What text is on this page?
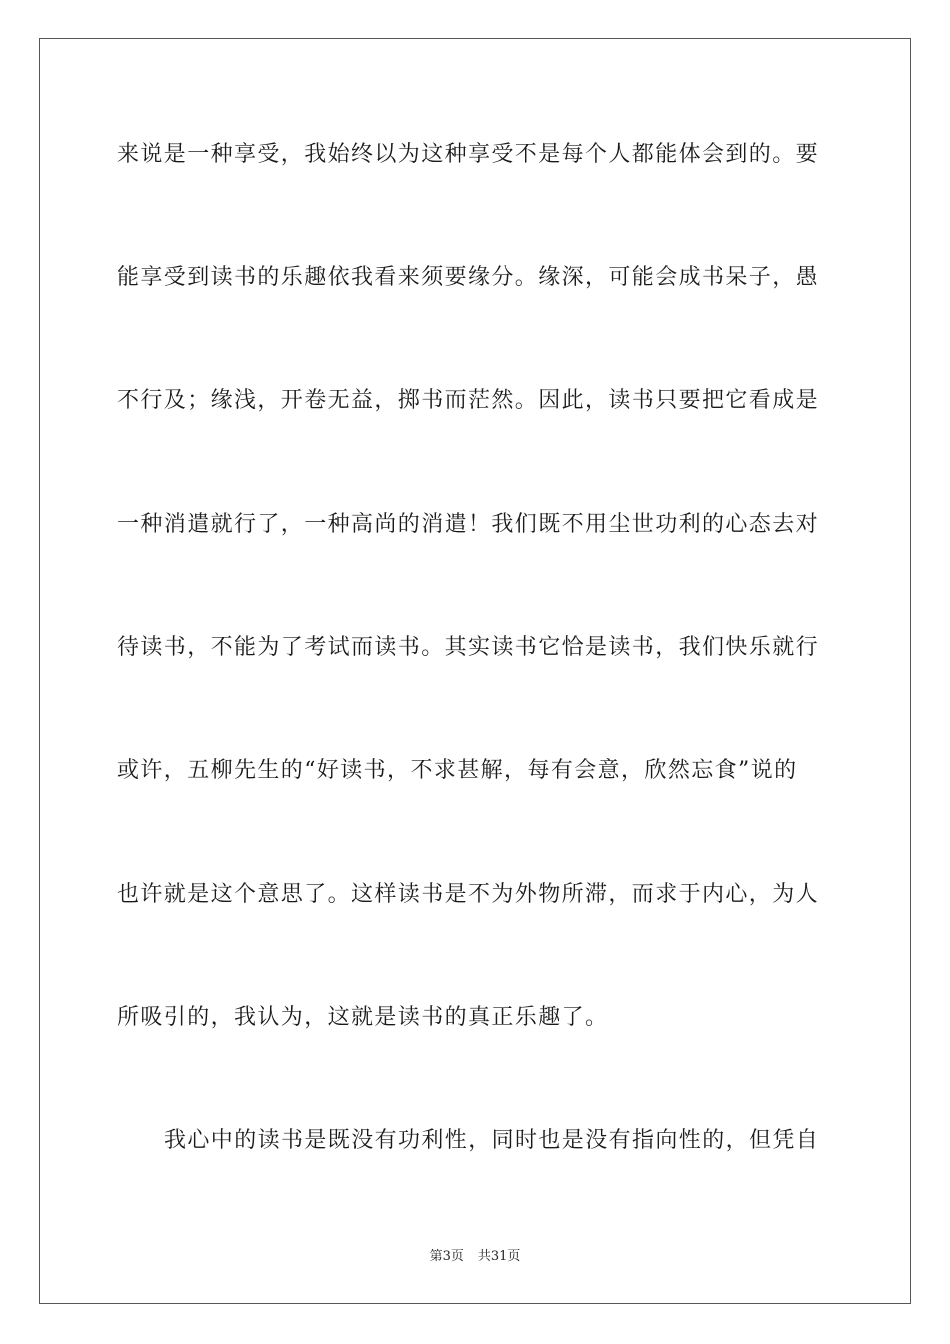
来说是一种享受，我始终以为这种享受不是每个人都能体会到的。要
能享受到读书的乐趣依我看来须要缘分。缘深，可能会成书呆子，愚
不行及；缘浅，开卷无益，掷书而茫然。因此，读书只要把它看成是
一种消遣就行了，一种高尚的消遣！我们既不用尘世功利的心态去对
待读书，不能为了考试而读书。其实读书它恰是读书，我们快乐就行
或许，五柳先生的“好读书，不求甚解，每有会意，欣然忘食”说的
也许就是这个意思了。这样读书是不为外物所滞，而求于内心，为人
所吸引的，我认为，这就是读书的真正乐趣了。
我心中的读书是既没有功利性，同时也是没有指向性的，但凭自
第3页 共31页
